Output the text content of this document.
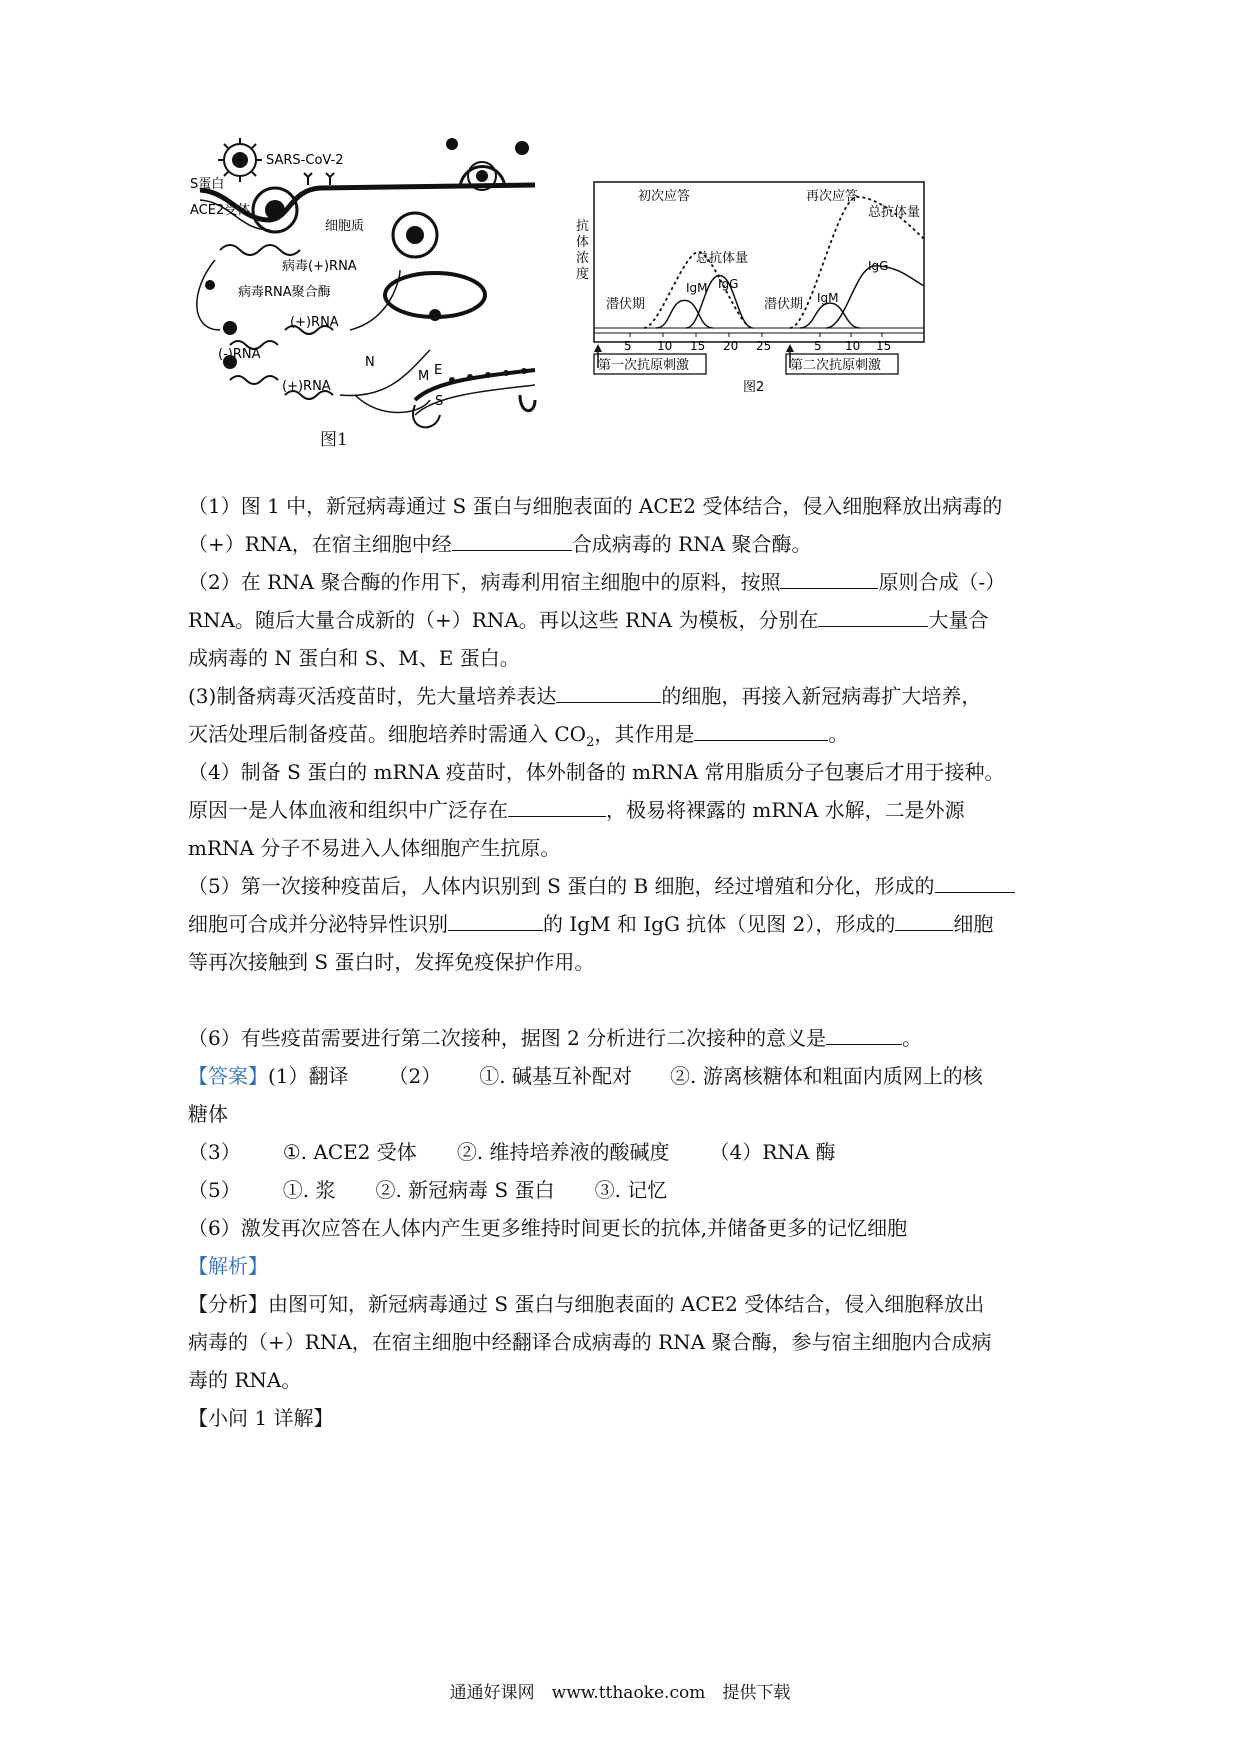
SARS-CoV-2
S蛋白
ACE2受体
细胞质
病毒(+)RNA
病毒RNA聚合酶
(+)RNA
(-)RNA
(+)RNA
N
M E
S
图1
抗
体
浓
度
初次应答	再次应答
潜伏期	潜伏期
总抗体量
IgM IgG
总抗体量
IgM
IgG
5 10 15 20 25	5 10 15
第一次抗原刺激	第二次抗原刺激
图2
（1）图 1 中，新冠病毒通过 S 蛋白与细胞表面的 ACE2 受体结合，侵入细胞释放出病毒的
（+）RNA，在宿主细胞中经	合成病毒的 RNA 聚合酶。
（2）在 RNA 聚合酶的作用下，病毒利用宿主细胞中的原料，按照	原则合成（-）
RNA。随后大量合成新的（+）RNA。再以这些 RNA 为模板，分别在	大量合
成病毒的 N 蛋白和 S、M、E 蛋白。
(3)制备病毒灭活疫苗时，先大量培养表达	的细胞，再接入新冠病毒扩大培养，
灭活处理后制备疫苗。细胞培养时需通入 $CO_2$，其作用是	。
（4）制备 S 蛋白的 mRNA 疫苗时，体外制备的 mRNA 常用脂质分子包裹后才用于接种。
原因一是人体血液和组织中广泛存在	，极易将裸露的 mRNA 水解，二是外源
mRNA 分子不易进入人体细胞产生抗原。
（5）第一次接种疫苗后，人体内识别到 S 蛋白的 B 细胞，经过增殖和分化，形成的
细胞可合成并分泌特异性识别	的 IgM 和 IgG 抗体（见图 2），形成的	细胞
等再次接触到 S 蛋白时，发挥免疫保护作用。
（6）有些疫苗需要进行第二次接种，据图 2 分析进行二次接种的意义是	。
【答案】(1）翻译 （2） ①. 碱基互补配对 ②. 游离核糖体和粗面内质网上的核
糖体
（3） ①. ACE2 受体 ②. 维持培养液的酸碱度 （4）RNA 酶
（5） ①. 浆 ②. 新冠病毒 S 蛋白 ③. 记忆
（6）激发再次应答在人体内产生更多维持时间更长的抗体,并储备更多的记忆细胞
【解析】
【分析】由图可知，新冠病毒通过 S 蛋白与细胞表面的 ACE2 受体结合，侵入细胞释放出
病毒的（+）RNA，在宿主细胞中经翻译合成病毒的 RNA 聚合酶，参与宿主细胞内合成病
毒的 RNA。
【小问 1 详解】
通通好课网　www.tthaoke.com　提供下载
